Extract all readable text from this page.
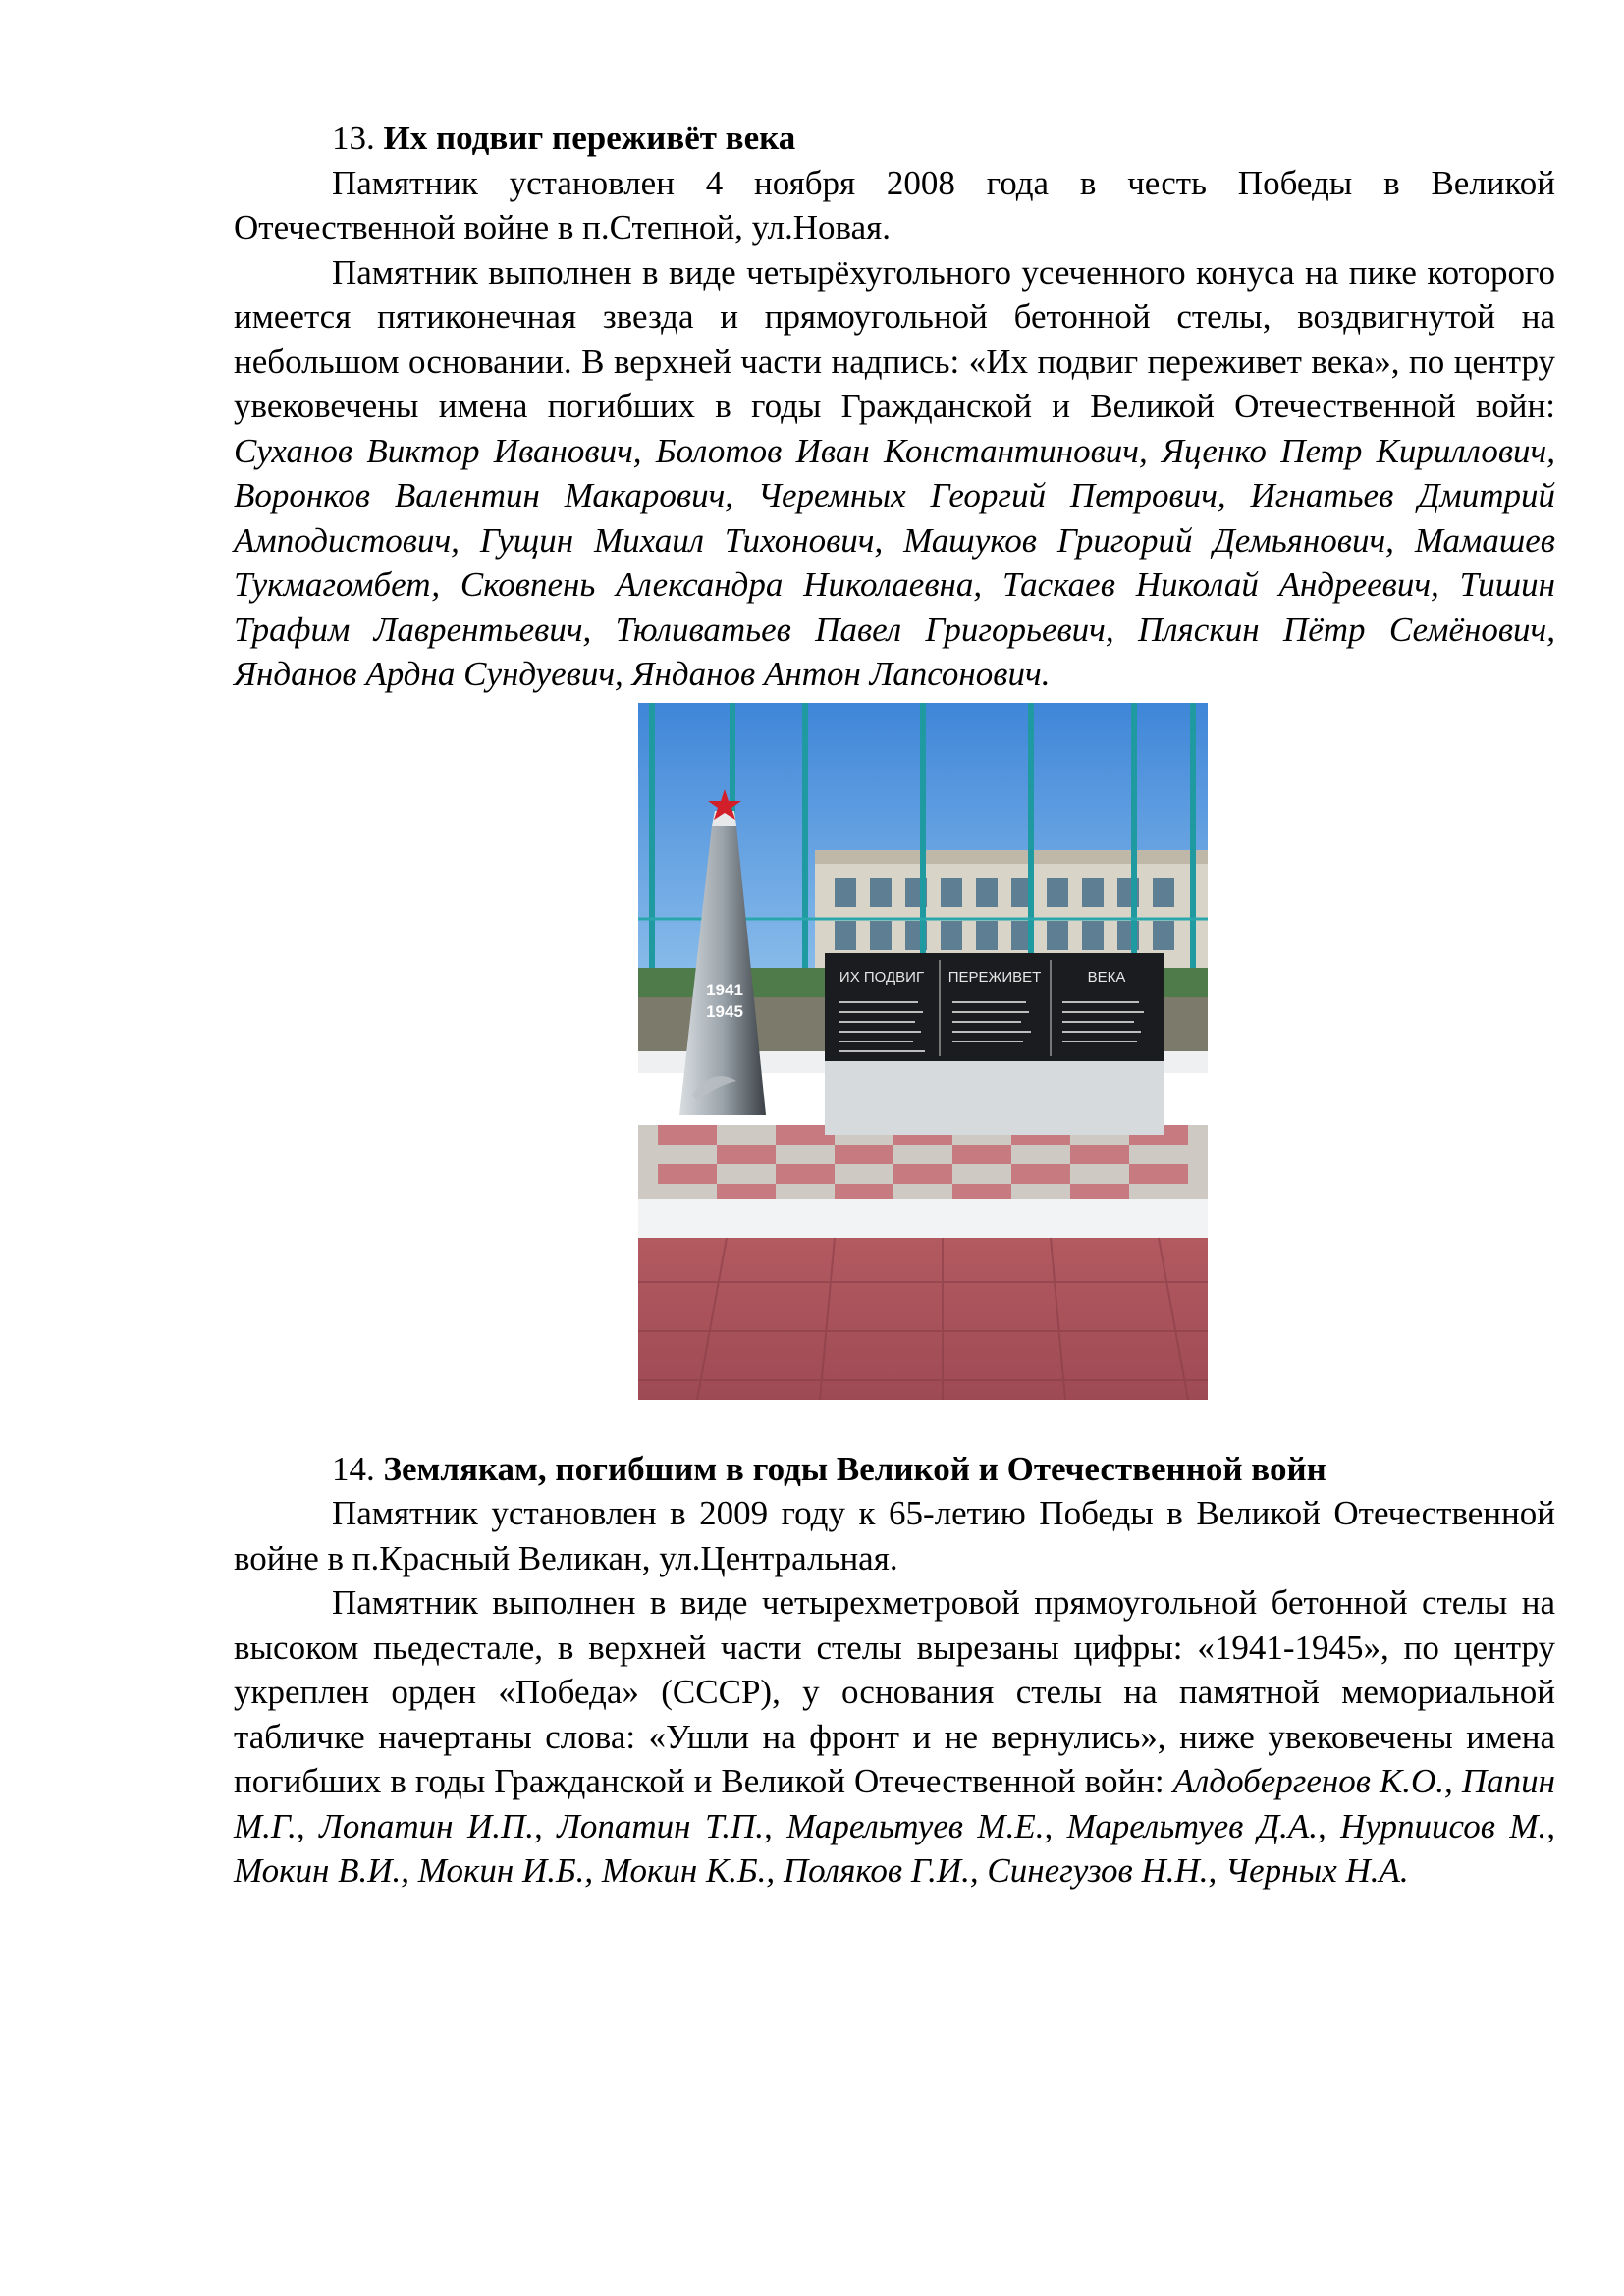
13. Их подвиг переживёт века

Памятник установлен 4 ноября 2008 года в честь Победы в Великой Отечественной войне в п.Степной, ул.Новая.

Памятник выполнен в виде четырёхугольного усеченного конуса на пике которого имеется пятиконечная звезда и прямоугольной бетонной стелы, воздвигнутой на небольшом основании. В верхней части надпись: «Их подвиг переживет века», по центру увековечены имена погибших в годы Гражданской и Великой Отечественной войн: Суханов Виктор Иванович, Болотов Иван Константинович, Яценко Петр Кириллович, Воронков Валентин Макарович, Черемных Георгий Петрович, Игнатьев Дмитрий Амподистович, Гущин Михаил Тихонович, Машуков Григорий Демьянович, Мамашев Тукмагомбет, Сковпень Александра Николаевна, Таскаев Николай Андреевич, Тишин Трафим Лаврентьевич, Тюливатьев Павел Григорьевич, Пляскин Пётр Семёнович, Янданов Ардна Сундуевич, Янданов Антон Лапсонович.

ИХ ПОДВИГ ПЕРЕЖИВЕТ	ВЕКА
1941
1945

14. Землякам, погибшим в годы Великой и Отечественной войн

Памятник установлен в 2009 году к 65-летию Победы в Великой Отечественной войне в п.Красный Великан, ул.Центральная.

Памятник выполнен в виде четырехметровой прямоугольной бетонной стелы на высоком пьедестале, в верхней части стелы вырезаны цифры: «1941-1945», по центру укреплен орден «Победа» (СССР), у основания стелы на памятной мемориальной табличке начертаны слова: «Ушли на фронт и не вернулись», ниже увековечены имена погибших в годы Гражданской и Великой Отечественной войн: Алдобергенов К.О., Папин М.Г., Лопатин И.П., Лопатин Т.П., Марельтуев М.Е., Марельтуев Д.А., Нурпиисов М., Мокин В.И., Мокин И.Б., Мокин К.Б., Поляков Г.И., Синегузов Н.Н., Черных Н.А.
